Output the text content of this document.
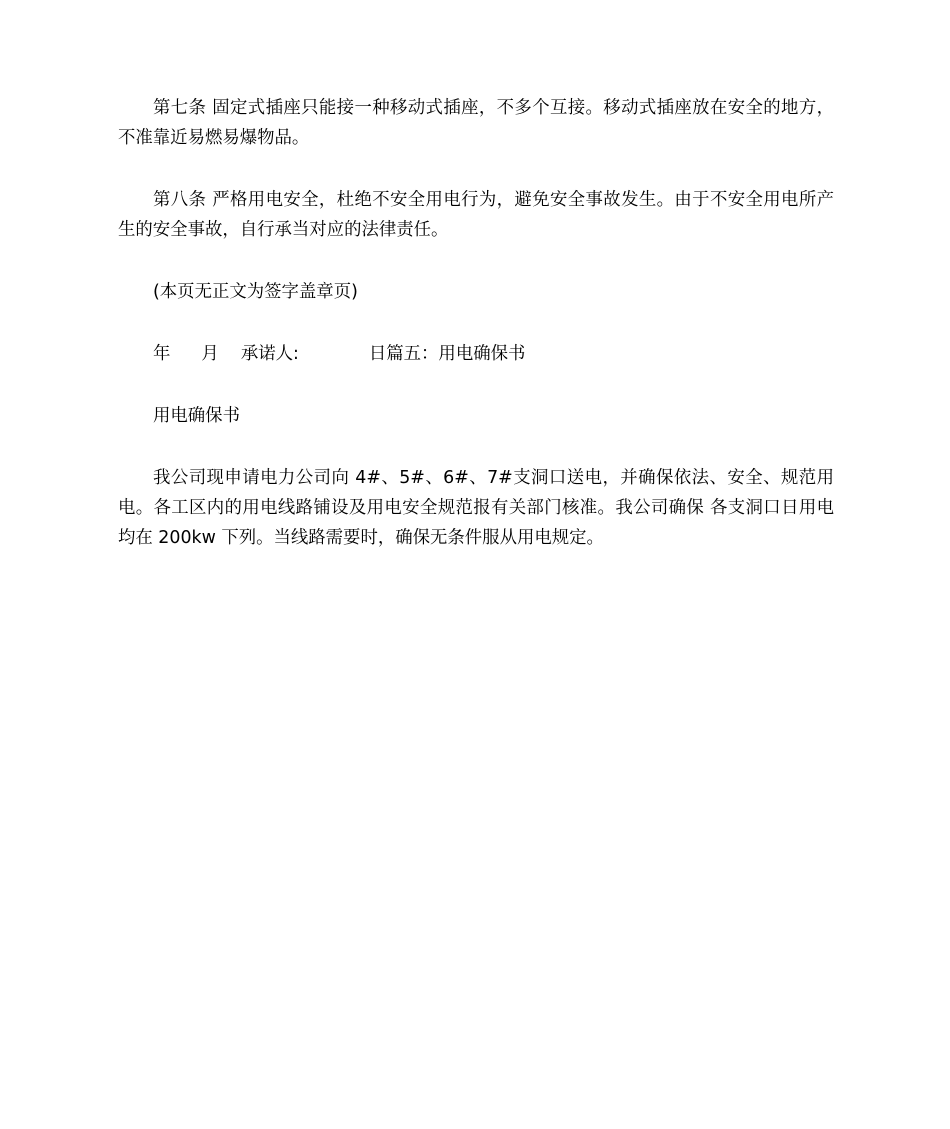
第七条 固定式插座只能接一种移动式插座，不多个互接。移动式插座放在安全的地方，不准靠近易燃易爆物品。

第八条 严格用电安全，杜绝不安全用电行为，避免安全事故发生。由于不安全用电所产生的安全事故，自行承当对应的法律责任。

(本页无正文为签字盖章页)

年 月 承诺人:	日篇五：用电确保书

用电确保书

我公司现申请电力公司向 4#、5#、6#、7#支洞口送电，并确保依法、安全、规范用电。各工区内的用电线路铺设及用电安全规范报有关部门核准。我公司确保 各支洞口日用电均在 200kw 下列。当线路需要时，确保无条件服从用电规定。
